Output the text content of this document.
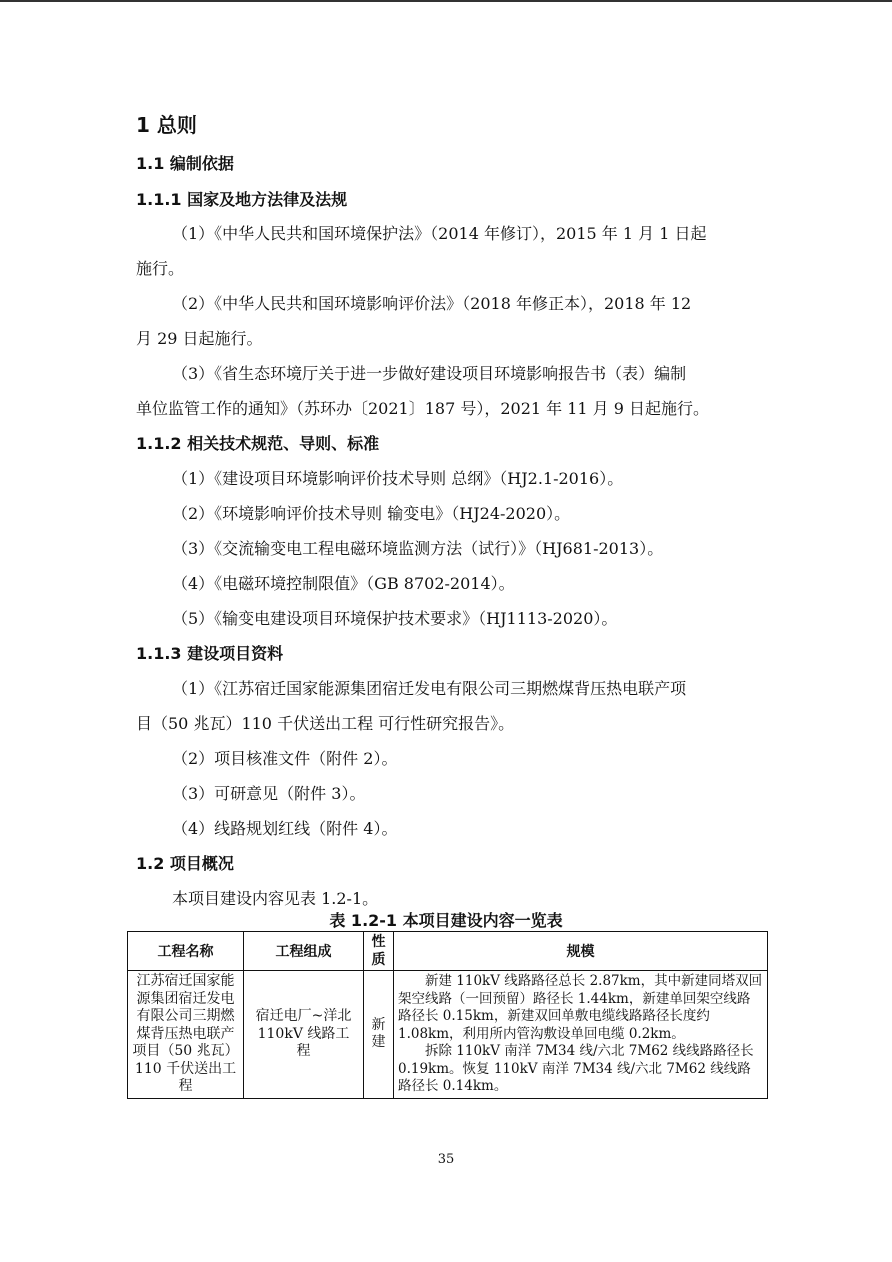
1 总则
1.1 编制依据
1.1.1 国家及地方法律及法规
（1）《中华人民共和国环境保护法》（2014 年修订），2015 年 1 月 1 日起
施行。
（2）《中华人民共和国环境影响评价法》（2018 年修正本），2018 年 12
月 29 日起施行。
（3）《省生态环境厅关于进一步做好建设项目环境影响报告书（表）编制
单位监管工作的通知》（苏环办〔2021〕187 号），2021 年 11 月 9 日起施行。
1.1.2 相关技术规范、导则、标准
（1）《建设项目环境影响评价技术导则 总纲》（HJ2.1-2016）。
（2）《环境影响评价技术导则 输变电》（HJ24-2020）。
（3）《交流输变电工程电磁环境监测方法（试行）》（HJ681-2013）。
（4）《电磁环境控制限值》（GB 8702-2014）。
（5）《输变电建设项目环境保护技术要求》（HJ1113-2020）。
1.1.3 建设项目资料
（1）《江苏宿迁国家能源集团宿迁发电有限公司三期燃煤背压热电联产项
目（50 兆瓦）110 千伏送出工程 可行性研究报告》。
（2）项目核准文件（附件 2）。
（3）可研意见（附件 3）。
（4）线路规划红线（附件 4）。
1.2 项目概况
本项目建设内容见表 1.2-1。
表 1.2-1 本项目建设内容一览表
工程名称	工程组成	性质	规模
江苏宿迁国家能源集团宿迁发电有限公司三期燃煤背压热电联产项目（50 兆瓦）110 千伏送出工程	宿迁电厂~洋北 110kV 线路工程	新建	新建 110kV 线路路径总长 2.87km，其中新建同塔双回架空线路（一回预留）路径长 1.44km，新建单回架空线路路径长 0.15km，新建双回单敷电缆线路路径长度约 1.08km，利用所内管沟敷设单回电缆 0.2km。
拆除 110kV 南洋 7M34 线/六北 7M62 线线路路径长 0.19km。恢复 110kV 南洋 7M34 线/六北 7M62 线线路路径长 0.14km。
35
